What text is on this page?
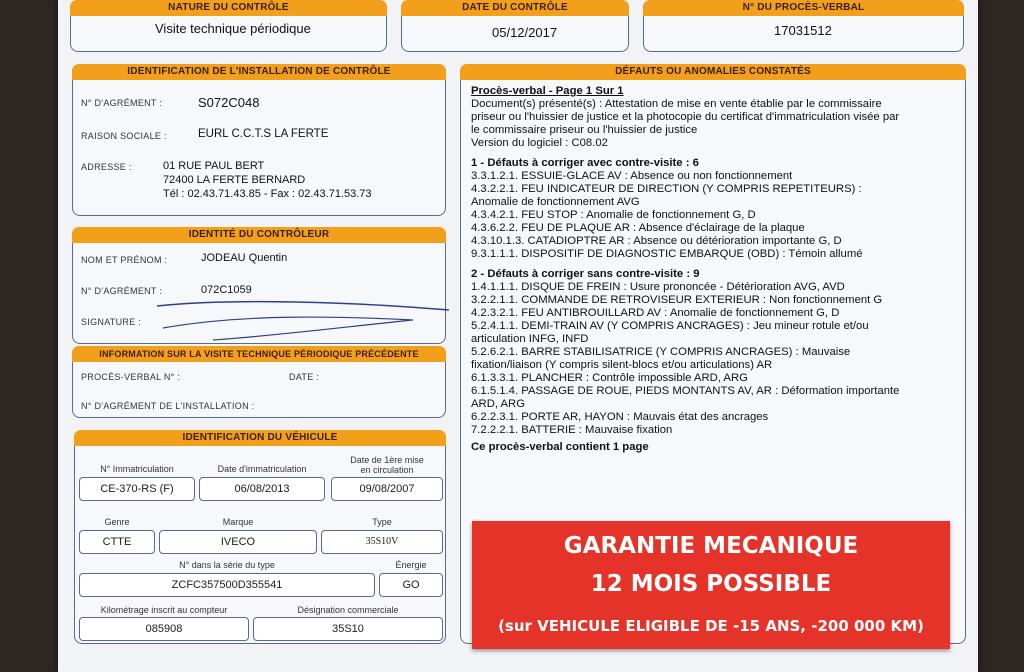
NATURE DU CONTRÔLE
Visite technique périodique
DATE DU CONTRÔLE
05/12/2017
N° DU PROCÈS-VERBAL
17031512
IDENTIFICATION DE L'INSTALLATION DE CONTRÔLE
N° D'AGRÉMENT :	S072C048
RAISON SOCIALE :	EURL C.C.T.S LA FERTE
ADRESSE :	01 RUE PAUL BERT
72400 LA FERTE BERNARD
Tél : 02.43.71.43.85 - Fax : 02.43.71.53.73
IDENTITÉ DU CONTRÔLEUR
NOM ET PRÉNOM :	JODEAU Quentin
N° D'AGRÉMENT :	072C1059
SIGNATURE :
INFORMATION SUR LA VISITE TECHNIQUE PÉRIODIQUE PRÉCÉDENTE
PROCÈS-VERBAL N° :	DATE :
N° D'AGRÉMENT DE L'INSTALLATION :
IDENTIFICATION DU VÉHICULE
N° Immatriculation
CE-370-RS (F)
Date d'immatriculation
06/08/2013
Date de 1ère mise
en circulation
09/08/2007
Genre
CTTE
Marque
IVECO
Type
35S10V
N° dans la série du type
ZCFC357500D355541
Énergie
GO
Kilométrage inscrit au compteur
085908
Désignation commerciale
35S10
DÉFAUTS OU ANOMALIES CONSTATÉS
Procès-verbal - Page 1 Sur 1
Document(s) présenté(s) : Attestation de mise en vente établie par le commissaire
priseur ou l'huissier de justice et la photocopie du certificat d'immatriculation visée par
le commissaire priseur ou l'huissier de justice
Version du logiciel : C08.02
1 - Défauts à corriger avec contre-visite : 6
3.3.1.2.1. ESSUIE-GLACE AV : Absence ou non fonctionnement
4.3.2.2.1. FEU INDICATEUR DE DIRECTION (Y COMPRIS REPETITEURS) :
Anomalie de fonctionnement AVG
4.3.4.2.1. FEU STOP : Anomalie de fonctionnement G, D
4.3.6.2.2. FEU DE PLAQUE AR : Absence d'éclairage de la plaque
4.3.10.1.3. CATADIOPTRE AR : Absence ou détérioration importante G, D
9.3.1.1.1. DISPOSITIF DE DIAGNOSTIC EMBARQUE (OBD) : Témoin allumé
2 - Défauts à corriger sans contre-visite : 9
1.4.1.1.1. DISQUE DE FREIN : Usure prononcée - Détérioration AVG, AVD
3.2.2.1.1. COMMANDE DE RETROVISEUR EXTERIEUR : Non fonctionnement G
4.2.3.2.1. FEU ANTIBROUILLARD AV : Anomalie de fonctionnement G, D
5.2.4.1.1. DEMI-TRAIN AV (Y COMPRIS ANCRAGES) : Jeu mineur rotule et/ou
articulation INFG, INFD
5.2.6.2.1. BARRE STABILISATRICE (Y COMPRIS ANCRAGES) : Mauvaise
fixation/liaison (Y compris silent-blocs et/ou articulations) AR
6.1.3.3.1. PLANCHER : Contrôle impossible ARD, ARG
6.1.5.1.4. PASSAGE DE ROUE, PIEDS MONTANTS AV, AR : Déformation importante
ARD, ARG
6.2.2.3.1. PORTE AR, HAYON : Mauvais état des ancrages
7.2.2.2.1. BATTERIE : Mauvaise fixation
Ce procès-verbal contient 1 page
GARANTIE MECANIQUE
12 MOIS POSSIBLE
(sur VEHICULE ELIGIBLE DE -15 ANS, -200 000 KM)
